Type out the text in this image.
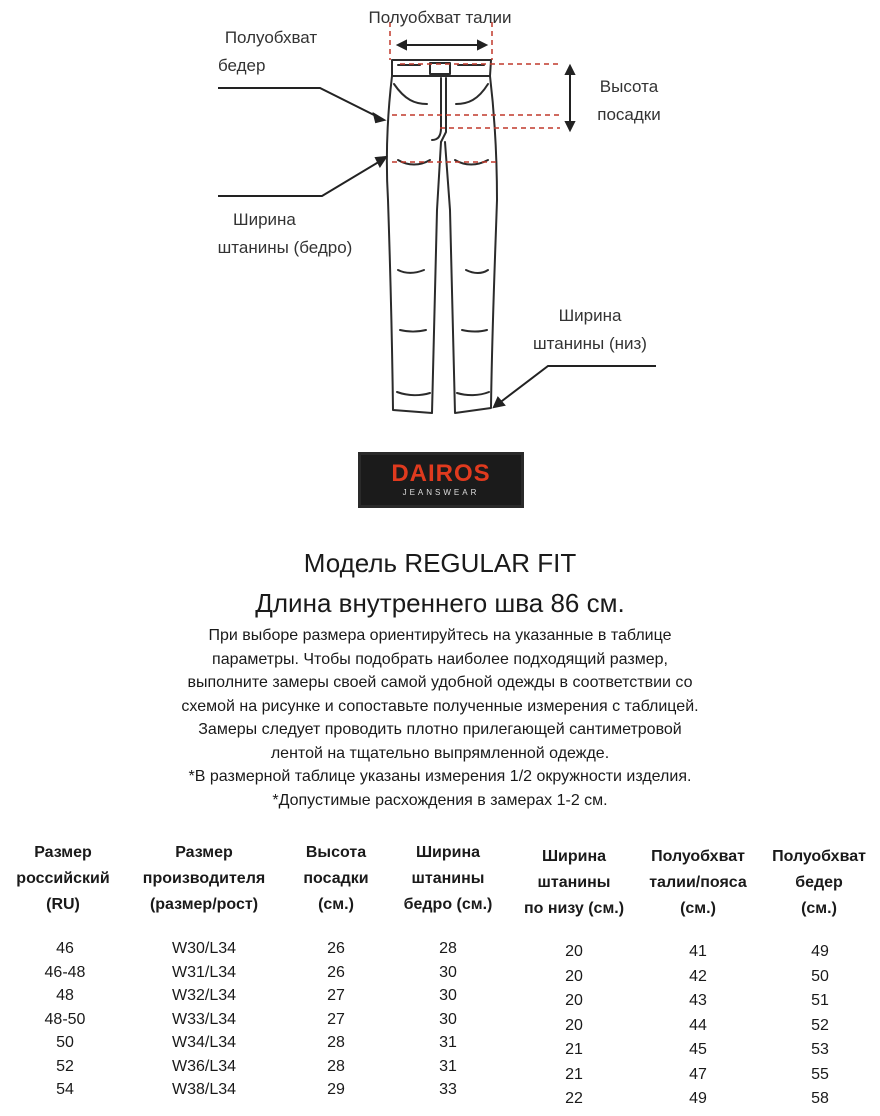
Полуобхват талии
Полуобхват
бедер
Высота
посадки
Ширина
штанины (бедро)
Ширина
штанины (низ)
DAIROS
JEANSWEAR
Модель REGULAR FIT
Длина внутреннего шва 86 см.
При выборе размера ориентируйтесь на указанные в таблице
параметры. Чтобы подобрать наиболее подходящий размер,
выполните замеры своей самой удобной одежды в соответствии со
схемой на рисунке и сопоставьте полученные измерения с таблицей.
Замеры следует проводить плотно прилегающей сантиметровой
лентой на тщательно выпрямленной одежде.
*В размерной таблице указаны измерения 1/2 окружности изделия.
*Допустимые расхождения в замерах 1-2 см.
Размер
российский
(RU)
Размер
производителя
(размер/рост)
Высота
посадки
(см.)
Ширина
штанины
бедро (см.)
Ширина
штанины
по низу (см.)
Полуобхват
талии/пояса
(см.)
Полуобхват
бедер
(см.)
46
46-48
48
48-50
50
52
54
W30/L34
W31/L34
W32/L34
W33/L34
W34/L34
W36/L34
W38/L34
26
26
27
27
28
28
29
28
30
30
30
31
31
33
20
20
20
20
21
21
22
41
42
43
44
45
47
49
49
50
51
52
53
55
58
